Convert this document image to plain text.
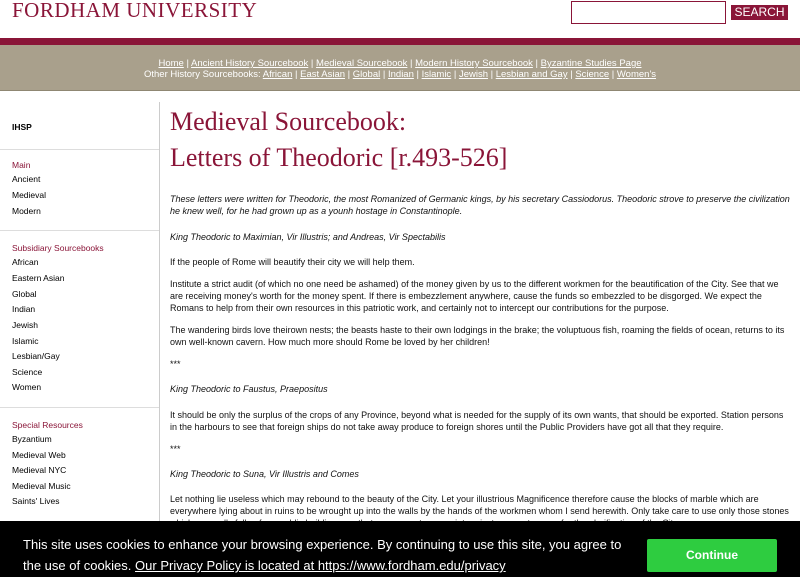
FORDHAM UNIVERSITY	SEARCH
Home | Ancient History Sourcebook | Medieval Sourcebook | Modern History Sourcebook | Byzantine Studies Page
Other History Sourcebooks: African | East Asian | Global | Indian | Islamic | Jewish | Lesbian and Gay | Science | Women's
IHSP
Main
Ancient
Medieval
Modern
Subsidiary Sourcebooks
African
Eastern Asian
Global
Indian
Jewish
Islamic
Lesbian/Gay
Science
Women
Special Resources
Byzantium
Medieval Web
Medieval NYC
Medieval Music
Saints' Lives
Medieval Sourcebook:
Letters of Theodoric [r.493-526]
These letters were written for Theodoric, the most Romanized of Germanic kings, by his secretary Cassiodorus. Theodoric strove to preserve the civilization he knew well, for he had grown up as a younh hostage in Constantinople.
King Theodoric to Maximian, Vir Illustris; and Andreas, Vir Spectabilis
If the people of Rome will beautify their city we will help them.
Institute a strict audit (of which no one need be ashamed) of the money given by us to the different workmen for the beautification of the City. See that we are receiving money's worth for the money spent. If there is embezzlement anywhere, cause the funds so embezzled to be disgorged. We expect the Romans to help from their own resources in this patriotic work, and certainly not to intercept our contributions for the purpose.
The wandering birds love theirown nests; the beasts haste to their own lodgings in the brake; the voluptuous fish, roaming the fields of ocean, returns to its own well-known cavern. How much more should Rome be loved by her children!
***
King Theodoric to Faustus, Praepositus
It should be only the surplus of the crops of any Province, beyond what is needed for the supply of its own wants, that should be exported. Station persons in the harbours to see that foreign ships do not take away produce to foreign shores until the Public Providers have got all that they require.
***
King Theodoric to Suna, Vir Illustris and Comes
Let nothing lie useless which may rebound to the beauty of the City. Let your illustrious Magnificence therefore cause the blocks of marble which are everywhere lying about in ruins to be wrought up into the walls by the hands of the workmen whom I send herewith. Only take care to use only those stones
This site uses cookies to enhance your browsing experience. By continuing to use this site, you agree to the use of cookies. Our Privacy Policy is located at https://www.fordham.edu/privacy
Continue
